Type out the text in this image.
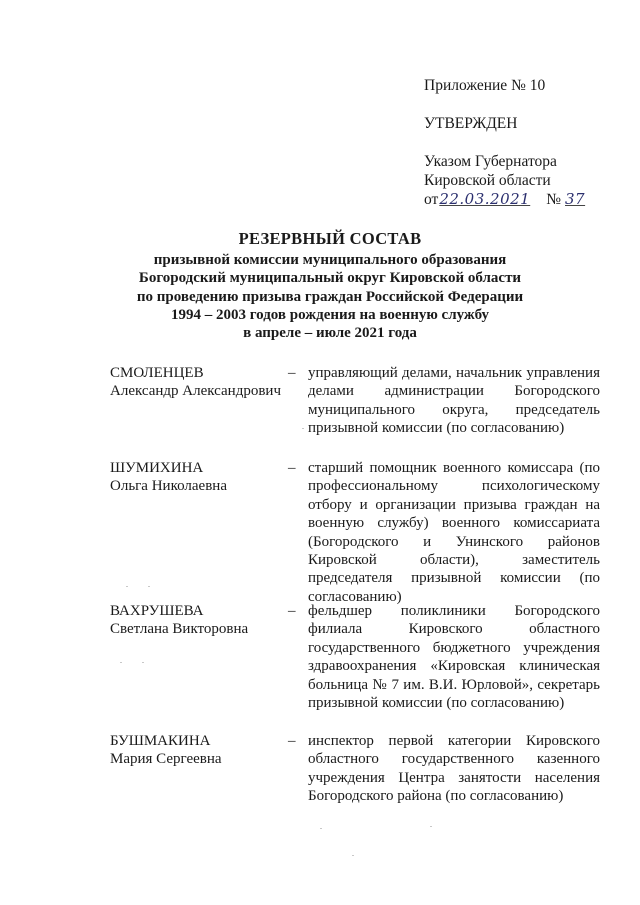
Приложение № 10
УТВЕРЖДЕН
Указом Губернатора
Кировской области
от 22.03.2021 № 37
РЕЗЕРВНЫЙ СОСТАВ
призывной комиссии муниципального образования
Богородский муниципальный округ Кировской области
по проведению призыва граждан Российской Федерации
1994 – 2003 годов рождения на военную службу
в апреле – июле 2021 года
СМОЛЕНЦЕВ
Александр Александрович
– управляющий делами, начальник управления делами администрации Богородского муниципального округа, председатель призывной комиссии (по согласованию)
ШУМИХИНА
Ольга Николаевна
– старший помощник военного комиссара (по профессиональному психологическому отбору и организации призыва граждан на военную службу) военного комиссариата (Богородского и Унинского районов Кировской области), заместитель председателя призывной комиссии (по согласованию)
ВАХРУШЕВА
Светлана Викторовна
– фельдшер поликлиники Богородского филиала Кировского областного государственного бюджетного учреждения здравоохранения «Кировская клиническая больница № 7 им. В.И. Юрловой», секретарь призывной комиссии (по согласованию)
БУШМАКИНА
Мария Сергеевна
– инспектор первой категории Кировского областного государственного казенного учреждения Центра занятости населения Богородского района (по согласованию)
